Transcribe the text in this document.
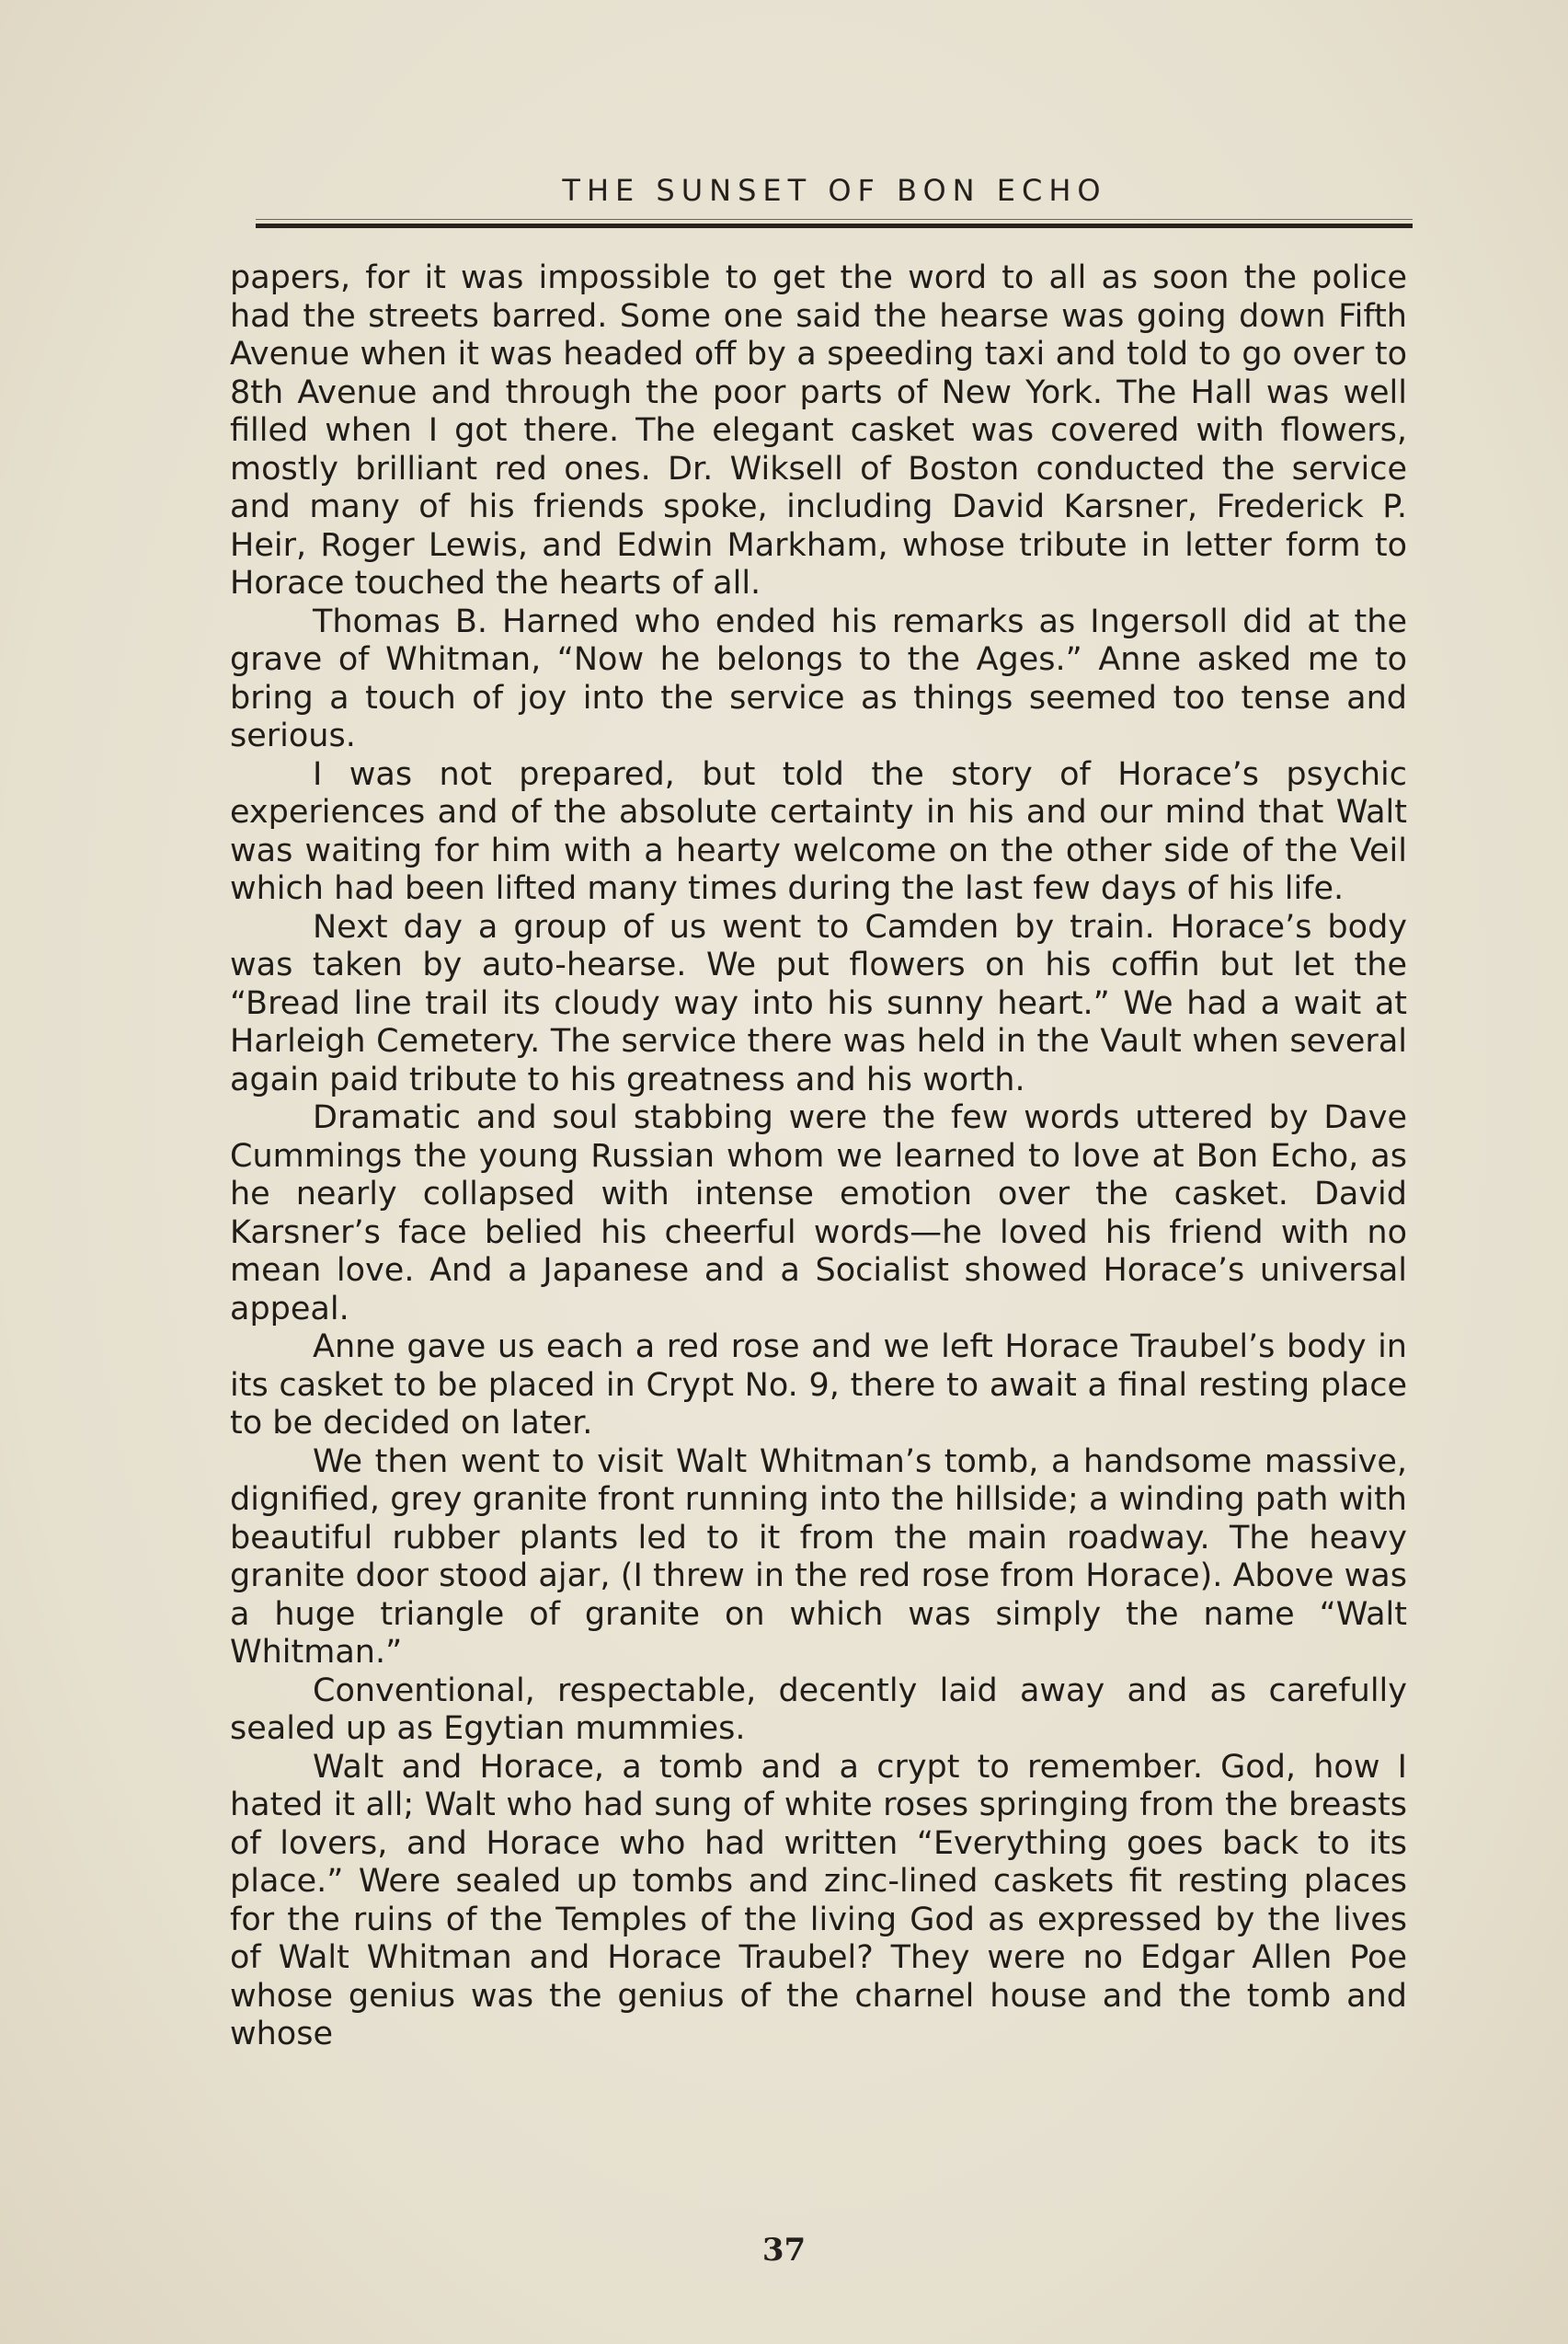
THE SUNSET OF BON ECHO

papers, for it was impossible to get the word to all as soon the police had the streets barred. Some one said the hearse was going down Fifth Avenue when it was headed off by a speeding taxi and told to go over to 8th Avenue and through the poor parts of New York. The Hall was well filled when I got there. The elegant casket was covered with flowers, mostly brilliant red ones. Dr. Wiksell of Boston conducted the service and many of his friends spoke, including David Karsner, Frederick P. Heir, Roger Lewis, and Edwin Markham, whose tribute in letter form to Horace touched the hearts of all.

Thomas B. Harned who ended his remarks as Ingersoll did at the grave of Whitman, “Now he belongs to the Ages.” Anne asked me to bring a touch of joy into the service as things seemed too tense and serious.

I was not prepared, but told the story of Horace’s psychic experiences and of the absolute certainty in his and our mind that Walt was waiting for him with a hearty welcome on the other side of the Veil which had been lifted many times during the last few days of his life.

Next day a group of us went to Camden by train. Horace’s body was taken by auto-hearse. We put flowers on his coffin but let the “Bread line trail its cloudy way into his sunny heart.” We had a wait at Harleigh Cemetery. The service there was held in the Vault when several again paid tribute to his greatness and his worth.

Dramatic and soul stabbing were the few words uttered by Dave Cummings the young Russian whom we learned to love at Bon Echo, as he nearly collapsed with intense emotion over the casket. David Karsner’s face belied his cheerful words—he loved his friend with no mean love. And a Japanese and a Socialist showed Horace’s universal appeal.

Anne gave us each a red rose and we left Horace Traubel’s body in its casket to be placed in Crypt No. 9, there to await a final resting place to be decided on later.

We then went to visit Walt Whitman’s tomb, a handsome massive, dignified, grey granite front running into the hillside; a winding path with beautiful rubber plants led to it from the main roadway. The heavy granite door stood ajar, (I threw in the red rose from Horace). Above was a huge triangle of granite on which was simply the name “Walt Whitman.”

Conventional, respectable, decently laid away and as carefully sealed up as Egytian mummies.

Walt and Horace, a tomb and a crypt to remember. God, how I hated it all; Walt who had sung of white roses springing from the breasts of lovers, and Horace who had written “Everything goes back to its place.” Were sealed up tombs and zinc-lined caskets fit resting places for the ruins of the Temples of the living God as expressed by the lives of Walt Whitman and Horace Traubel? They were no Edgar Allen Poe whose genius was the genius of the charnel house and the tomb and whose

37
